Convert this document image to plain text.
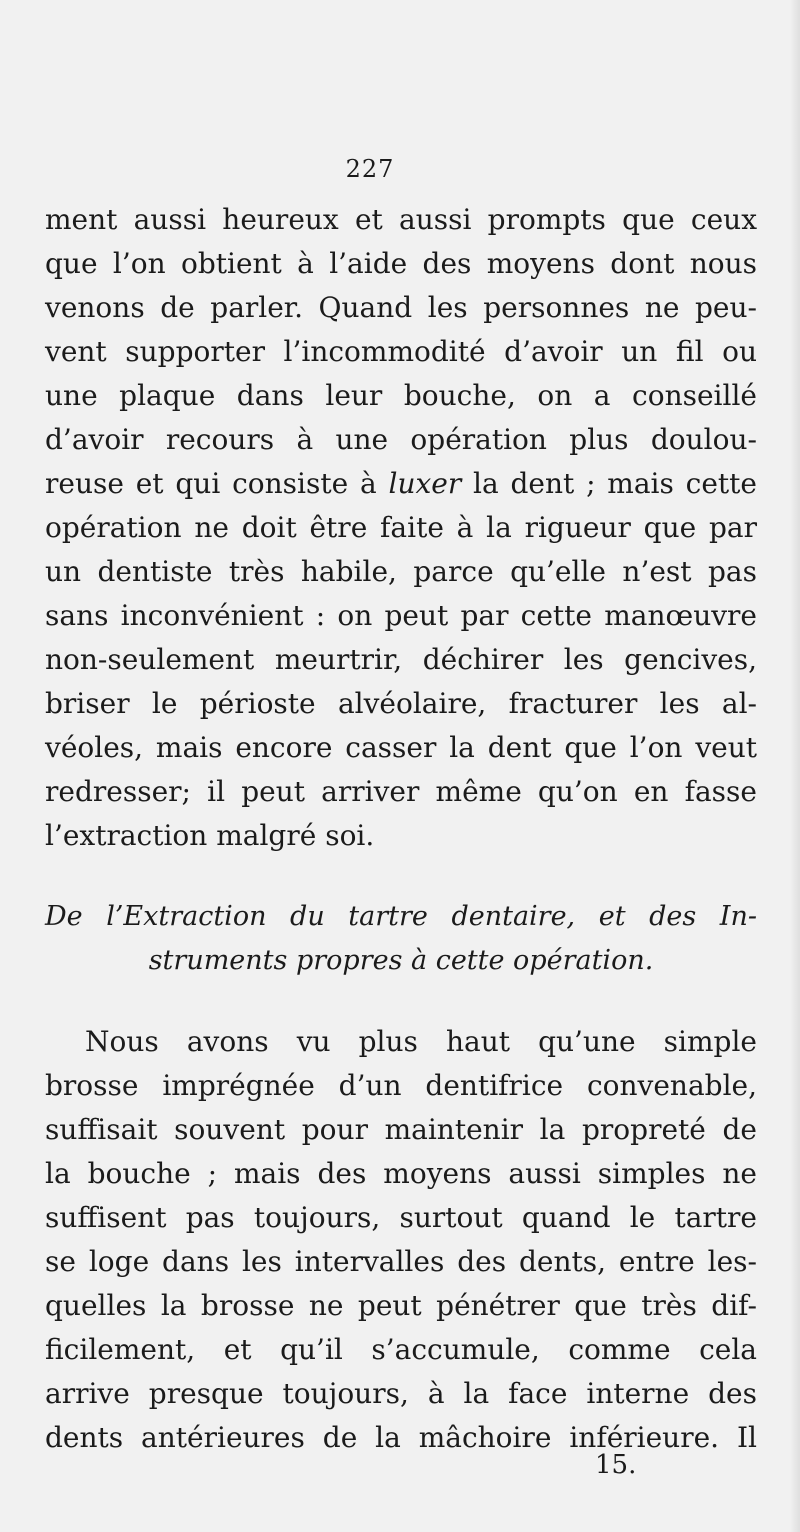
227
ment aussi heureux et aussi prompts que ceux
que l’on obtient à l’aide des moyens dont nous
venons de parler. Quand les personnes ne peu-
vent supporter l’incommodité d’avoir un fil ou
une plaque dans leur bouche, on a conseillé
d’avoir recours à une opération plus doulou-
reuse et qui consiste à luxer la dent ; mais cette
opération ne doit être faite à la rigueur que par
un dentiste très habile, parce qu’elle n’est pas
sans inconvénient : on peut par cette manœuvre
non-seulement meurtrir, déchirer les gencives,
briser le périoste alvéolaire, fracturer les al-
véoles, mais encore casser la dent que l’on veut
redresser; il peut arriver même qu’on en fasse
l’extraction malgré soi.
De l’Extraction du tartre dentaire, et des In-
struments propres à cette opération.
Nous avons vu plus haut qu’une simple
brosse imprégnée d’un dentifrice convenable,
suffisait souvent pour maintenir la propreté de
la bouche ; mais des moyens aussi simples ne
suffisent pas toujours, surtout quand le tartre
se loge dans les intervalles des dents, entre les-
quelles la brosse ne peut pénétrer que très dif-
ficilement, et qu’il s’accumule, comme cela
arrive presque toujours, à la face interne des
dents antérieures de la mâchoire inférieure. Il
15.
